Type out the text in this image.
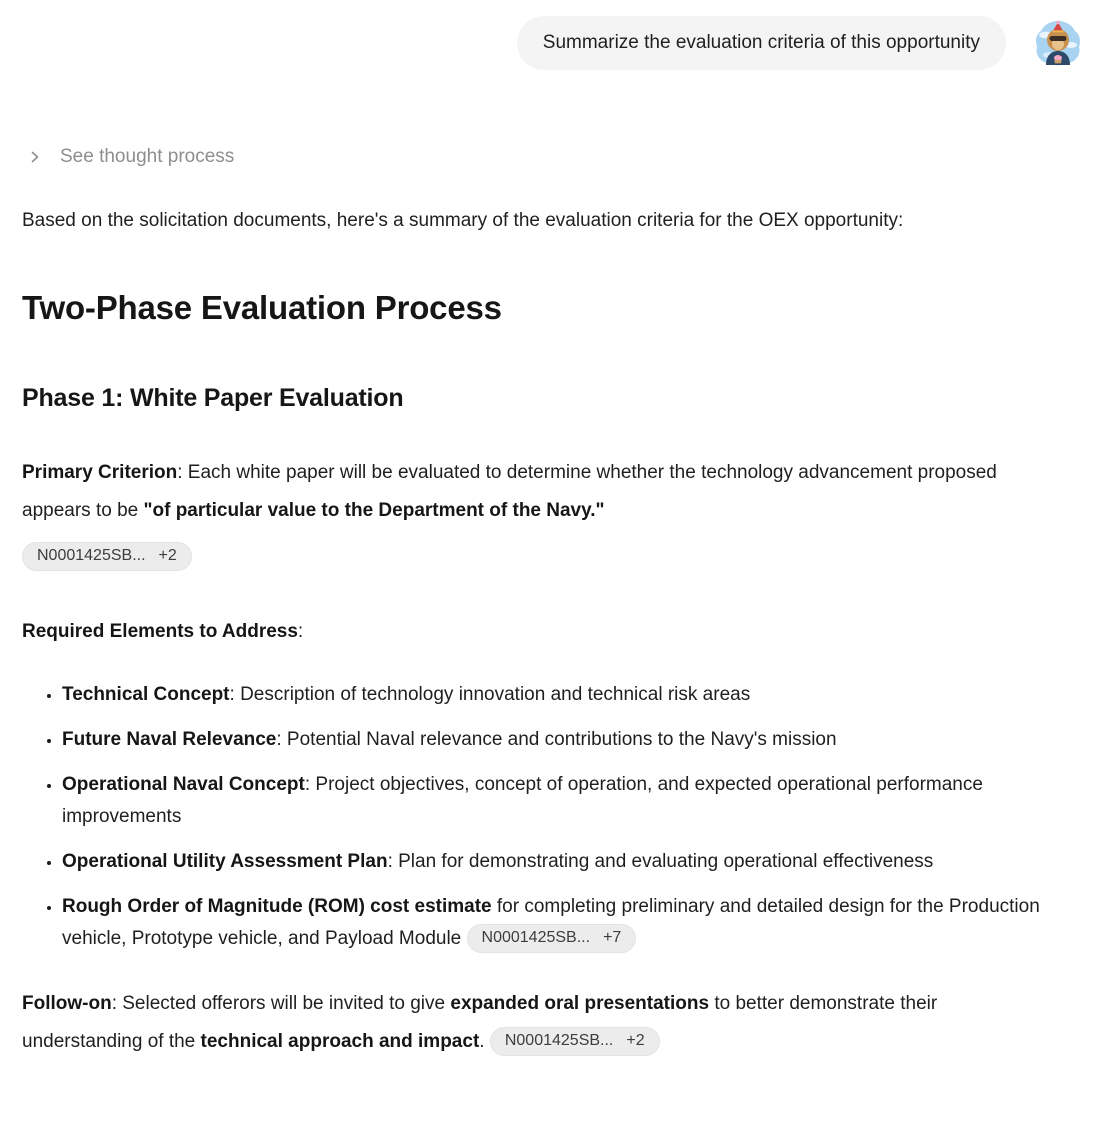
Summarize the evaluation criteria of this opportunity
See thought process

Based on the solicitation documents, here's a summary of the evaluation criteria for the OEX opportunity:

Two-Phase Evaluation Process
Phase 1: White Paper Evaluation

Primary Criterion: Each white paper will be evaluated to determine whether the technology advancement proposed appears to be "of particular value to the Department of the Navy."

N0001425SB... +2

Required Elements to Address:

• Technical Concept: Description of technology innovation and technical risk areas
• Future Naval Relevance: Potential Naval relevance and contributions to the Navy's mission
• Operational Naval Concept: Project objectives, concept of operation, and expected operational performance improvements
• Operational Utility Assessment Plan: Plan for demonstrating and evaluating operational effectiveness
• Rough Order of Magnitude (ROM) cost estimate for completing preliminary and detailed design for the Production vehicle, Prototype vehicle, and Payload Module N0001425SB... +7

Follow-on: Selected offerors will be invited to give expanded oral presentations to better demonstrate their understanding of the technical approach and impact. N0001425SB... +2
